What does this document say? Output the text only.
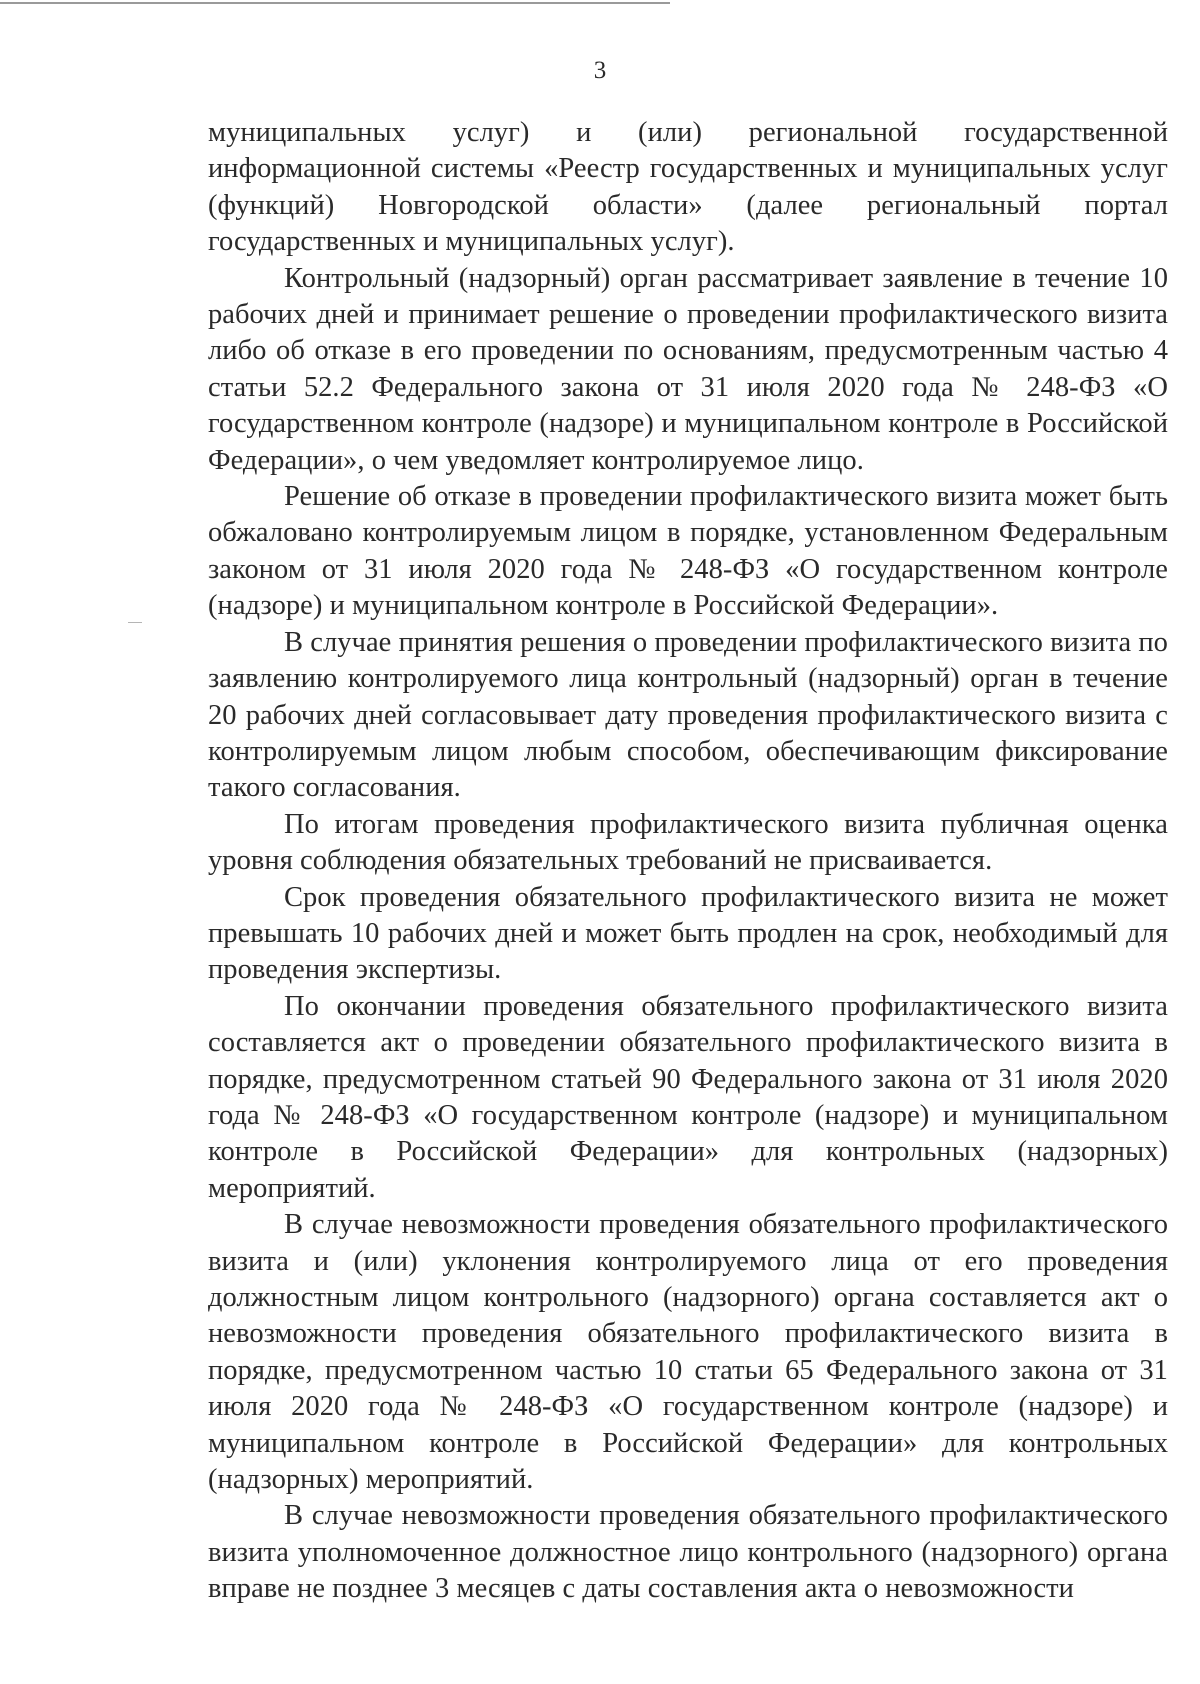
3

муниципальных услуг) и (или) региональной государственной информационной системы «Реестр государственных и муниципальных услуг (функций) Новгородской области» (далее региональный портал государственных и муниципальных услуг).

Контрольный (надзорный) орган рассматривает заявление в течение 10 рабочих дней и принимает решение о проведении профилактического визита либо об отказе в его проведении по основаниям, предусмотренным частью 4 статьи 52.2 Федерального закона от 31 июля 2020 года № 248-ФЗ «О государственном контроле (надзоре) и муниципальном контроле в Российской Федерации», о чем уведомляет контролируемое лицо.

Решение об отказе в проведении профилактического визита может быть обжаловано контролируемым лицом в порядке, установленном Федеральным законом от 31 июля 2020 года № 248-ФЗ «О государственном контроле (надзоре) и муниципальном контроле в Российской Федерации».

В случае принятия решения о проведении профилактического визита по заявлению контролируемого лица контрольный (надзорный) орган в течение 20 рабочих дней согласовывает дату проведения профилактического визита с контролируемым лицом любым способом, обеспечивающим фиксирование такого согласования.

По итогам проведения профилактического визита публичная оценка уровня соблюдения обязательных требований не присваивается.

Срок проведения обязательного профилактического визита не может превышать 10 рабочих дней и может быть продлен на срок, необходимый для проведения экспертизы.

По окончании проведения обязательного профилактического визита составляется акт о проведении обязательного профилактического визита в порядке, предусмотренном статьей 90 Федерального закона от 31 июля 2020 года № 248-ФЗ «О государственном контроле (надзоре) и муниципальном контроле в Российской Федерации» для контрольных (надзорных) мероприятий.

В случае невозможности проведения обязательного профилактического визита и (или) уклонения контролируемого лица от его проведения должностным лицом контрольного (надзорного) органа составляется акт о невозможности проведения обязательного профилактического визита в порядке, предусмотренном частью 10 статьи 65 Федерального закона от 31 июля 2020 года № 248-ФЗ «О государственном контроле (надзоре) и муниципальном контроле в Российской Федерации» для контрольных (надзорных) мероприятий.

В случае невозможности проведения обязательного профилактического визита уполномоченное должностное лицо контрольного (надзорного) органа вправе не позднее 3 месяцев с даты составления акта о невозможности
